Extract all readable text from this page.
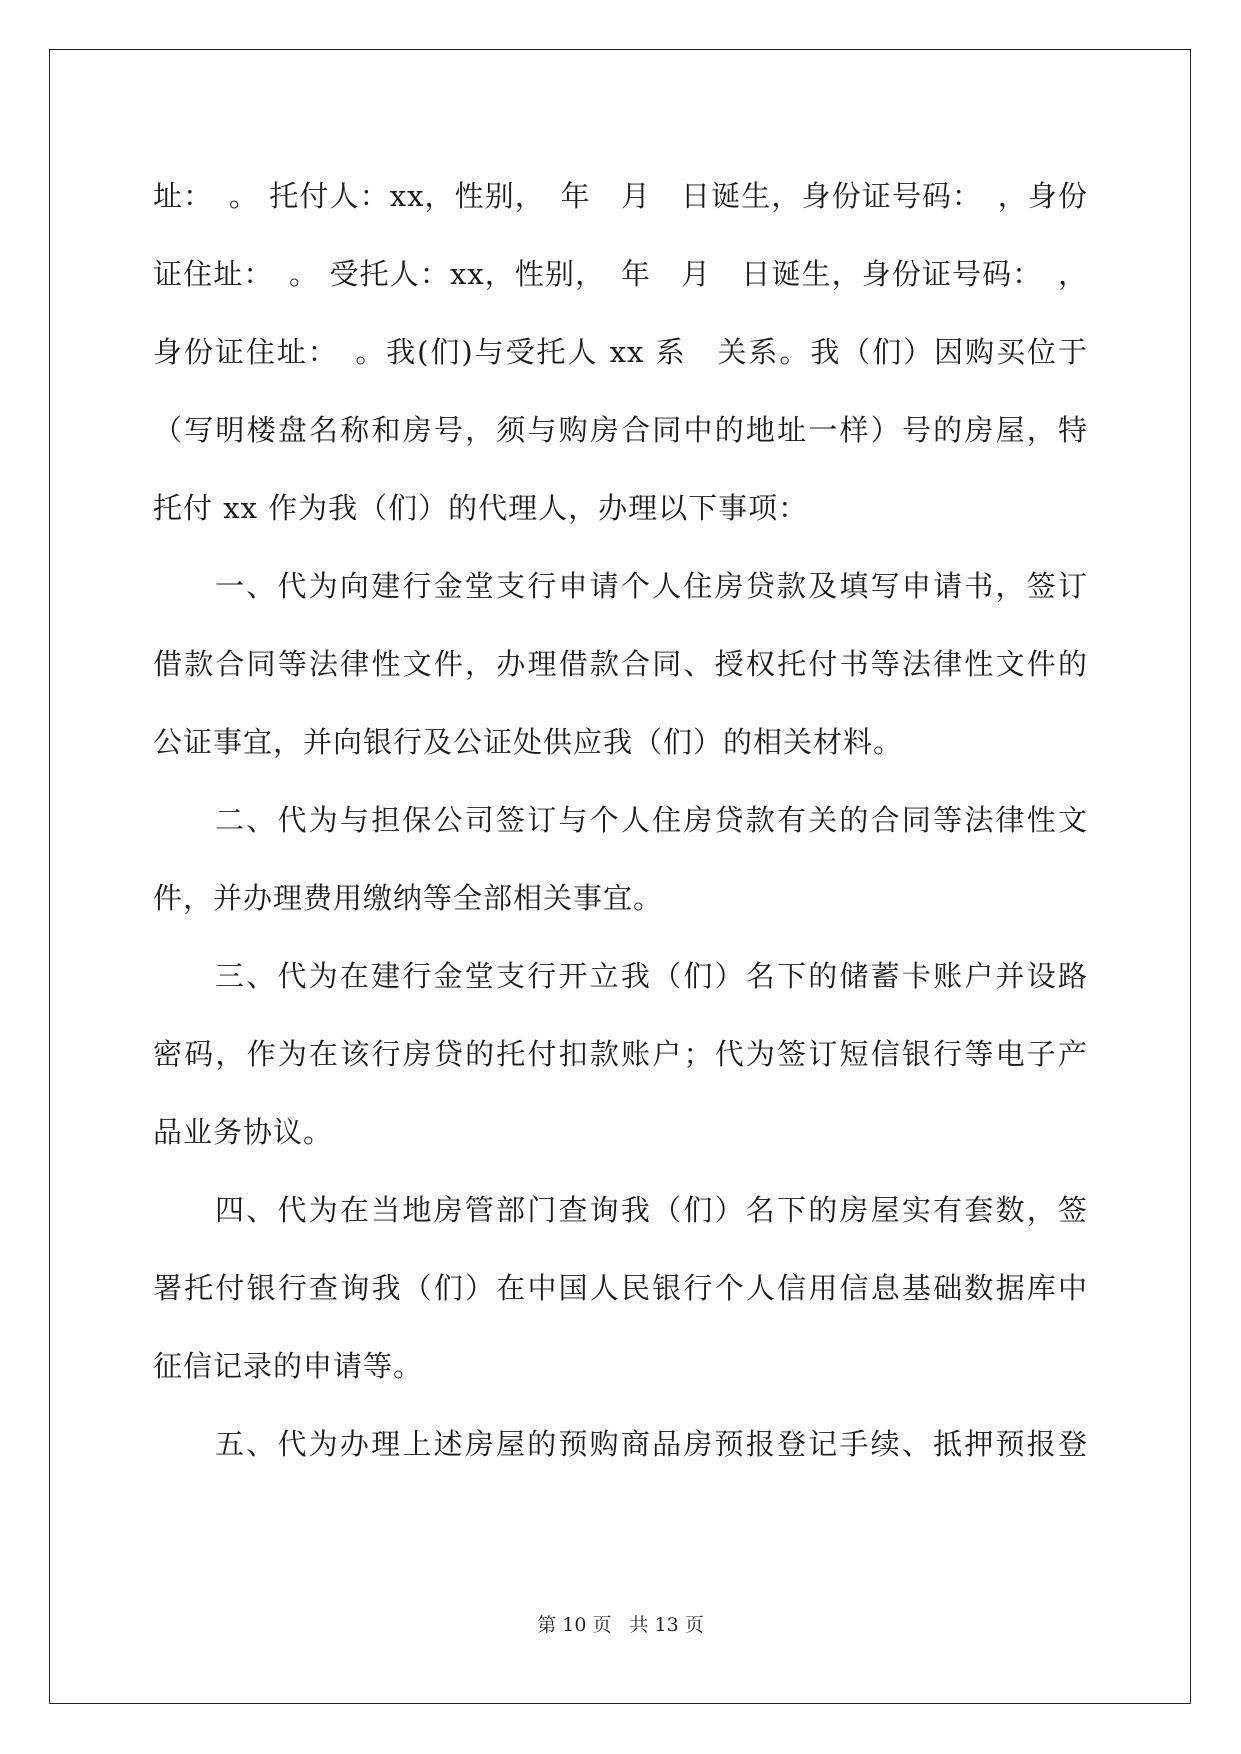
址：　。 托付人：xx，性别，　年　月　日诞生，身份证号码：　，身份
证住址：　。 受托人：xx，性别，　年　月　日诞生，身份证号码：　，
身份证住址：　。我(们)与受托人 xx 系　关系。我（们）因购买位于
（写明楼盘名称和房号，须与购房合同中的地址一样）号的房屋，特
托付 xx 作为我（们）的代理人，办理以下事项：
一、代为向建行金堂支行申请个人住房贷款及填写申请书，签订
借款合同等法律性文件，办理借款合同、授权托付书等法律性文件的
公证事宜，并向银行及公证处供应我（们）的相关材料。
二、代为与担保公司签订与个人住房贷款有关的合同等法律性文
件，并办理费用缴纳等全部相关事宜。
三、代为在建行金堂支行开立我（们）名下的储蓄卡账户并设路
密码，作为在该行房贷的托付扣款账户；代为签订短信银行等电子产
品业务协议。
四、代为在当地房管部门查询我（们）名下的房屋实有套数，签
署托付银行查询我（们）在中国人民银行个人信用信息基础数据库中
征信记录的申请等。
五、代为办理上述房屋的预购商品房预报登记手续、抵押预报登
第 10 页 共 13 页
